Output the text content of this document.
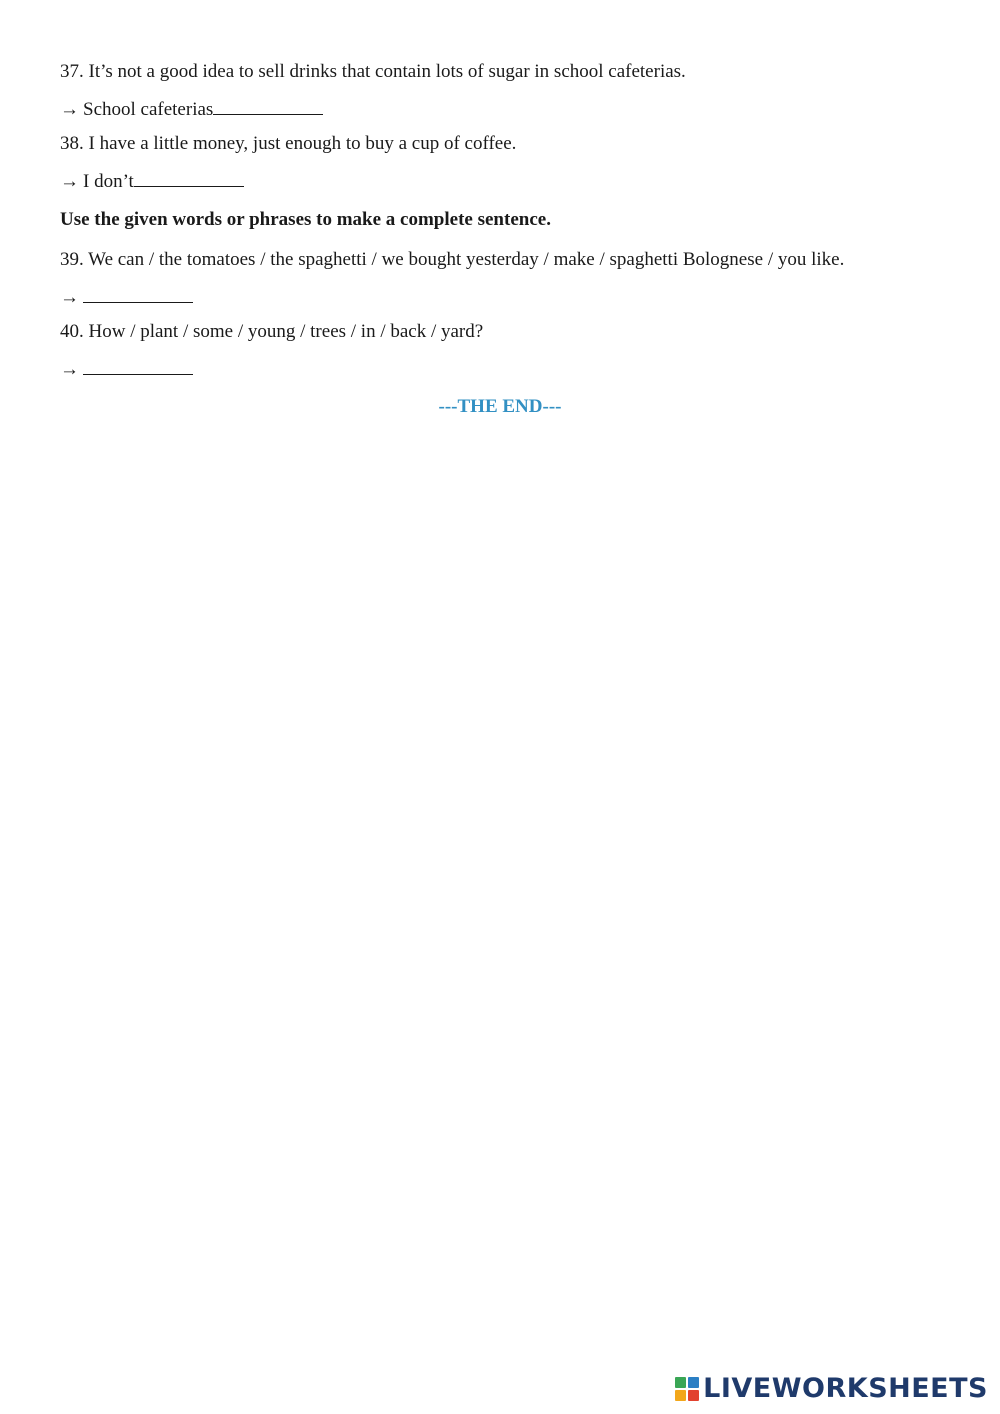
37. It’s not a good idea to sell drinks that contain lots of sugar in school cafeterias.
→ School cafeterias
38. I have a little money, just enough to buy a cup of coffee.
→ I don’t
Use the given words or phrases to make a complete sentence.
39. We can / the tomatoes / the spaghetti / we bought yesterday / make / spaghetti Bolognese / you like.
→
40. How / plant / some / young / trees / in / back / yard?
→
---THE END---
LIVEWORKSHEETS
